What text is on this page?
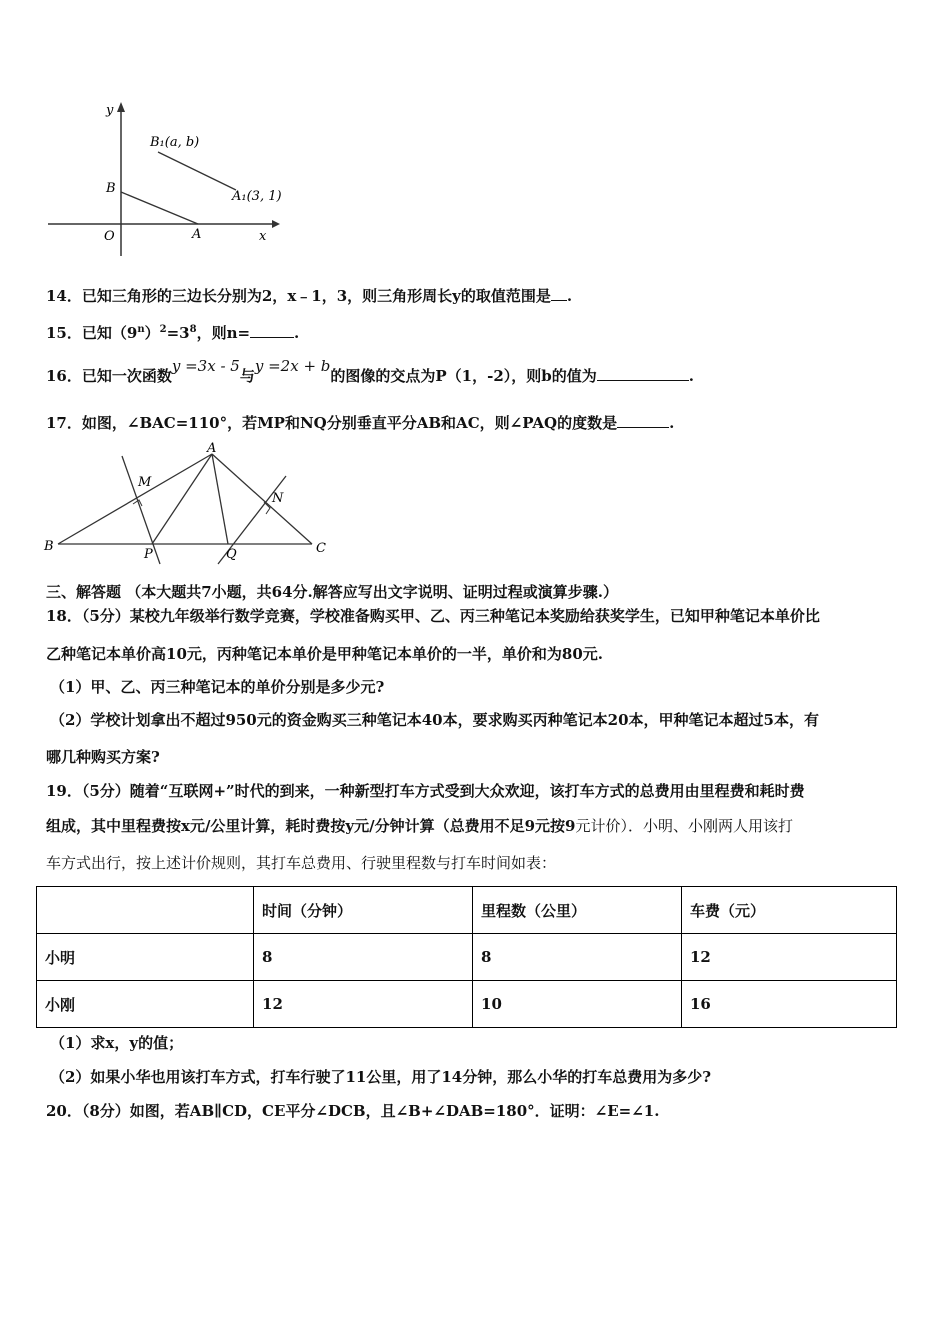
y
x
O	A
B
B₁(a, b)
A₁(3, 1)
14．已知三角形的三边长分别为2，x﹣1，3，则三角形周长y的取值范围是 .
15．已知$(9^n)^2=3^8$，则n=	.
16．已知一次函数y =3x - 5与y =2x + b的图像的交点为P（1，-2），则b的值为	.
17．如图，∠BAC=110°，若MP和NQ分别垂直平分AB和AC，则∠PAQ的度数是	.
A
M
N
B
P	Q	C
三、解答题 （本大题共7小题，共64分.解答应写出文字说明、证明过程或演算步骤.）
18．（5分）某校九年级举行数学竞赛，学校准备购买甲、乙、丙三种笔记本奖励给获奖学生，已知甲种笔记本单价比
乙种笔记本单价高10元，丙种笔记本单价是甲种笔记本单价的一半，单价和为80元.
（1）甲、乙、丙三种笔记本的单价分别是多少元?
（2）学校计划拿出不超过950元的资金购买三种笔记本40本，要求购买丙种笔记本20本，甲种笔记本超过5本，有
哪几种购买方案?
19．（5分）随着“互联网+”时代的到来，一种新型打车方式受到大众欢迎，该打车方式的总费用由里程费和耗时费
组成，其中里程费按x元/公里计算，耗时费按y元/分钟计算（总费用不足9元按9元计价）．小明、小刚两人用该打
车方式出行，按上述计价规则，其打车总费用、行驶里程数与打车时间如表：
	时间（分钟）	里程数（公里）	车费（元）
小明	8	8	12
小刚	12	10	16
（1）求x，y的值；
（2）如果小华也用该打车方式，打车行驶了11公里，用了14分钟，那么小华的打车总费用为多少?
20．（8分）如图，若AB∥CD，CE平分∠DCB，且∠B+∠DAB=180°．证明：∠E=∠1.
